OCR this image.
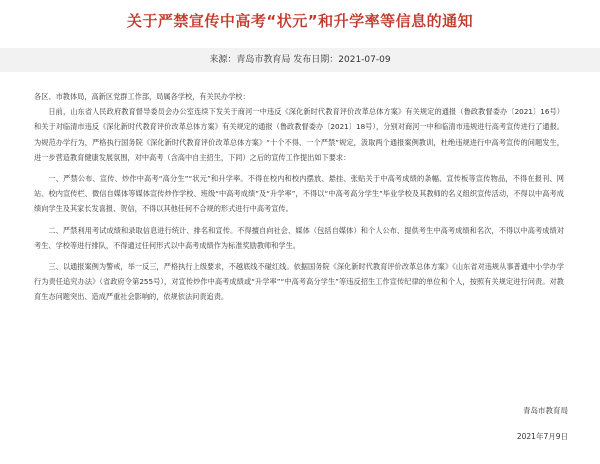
关于严禁宣传中高考“状元”和升学率等信息的通知
来源：青岛市教育局 发布日期：2021-07-09

各区、市教体局，高新区党群工作部，局属各学校，有关民办学校：

日前，山东省人民政府教育督导委员会办公室连续下发关于商河一中违反《深化新时代教育评价改革总体方案》有关规定的通报（鲁政教督委办〔2021〕16号）和关于对临清市违反《深化新时代教育评价改革总体方案》有关规定的通报（鲁政教督委办〔2021〕18号），分别对商河一中和临清市违规进行高考宣传进行了通报。为规范办学行为，严格执行国务院《深化新时代教育评价改革总体方案》“十个不得、一个严禁”规定，汲取两个通报案例教训，杜绝违规进行中高考宣传的问题发生，进一步营造教育健康发展氛围，对中高考（含高中自主招生，下同）之后的宣传工作提出如下要求：

一、严禁公布、宣传、炒作中高考“高分生”“状元”和升学率。不得在校内和校内摆放、悬挂、张贴关于中高考成绩的条幅、宣传板等宣传物品，不得在报刊、网站、校内宣传栏、微信自媒体等媒体宣传炒作学校、班级“中高考成绩”及“升学率”，不得以“中高考高分学生”毕业学校及其教师的名义组织宣传活动，不得以中高考成绩向学生及其家长发喜报、贺信，不得以其他任何不合规的形式进行中高考宣传。

二、严禁利用考试成绩和录取信息进行统计、排名和宣传。不得擅自向社会、媒体（包括自媒体）和个人公布、提供考生中高考成绩和名次，不得以中高考成绩对考生、学校等进行排队，不得通过任何形式以中高考成绩作为标准奖励教师和学生。

三、以通报案例为警戒，举一反三，严格执行上级要求，不越底线不碰红线。依据国务院《深化新时代教育评价改革总体方案》《山东省对违规从事普通中小学办学行为责任追究办法》（省政府令第255号），对宣传炒作中高考成绩或“升学率”“中高考高分学生”等违反招生工作宣传纪律的单位和个人，按照有关规定进行问责。对教育生态问题突出、造成严重社会影响的，依规依法问责追责。

青岛市教育局
2021年7月9日
